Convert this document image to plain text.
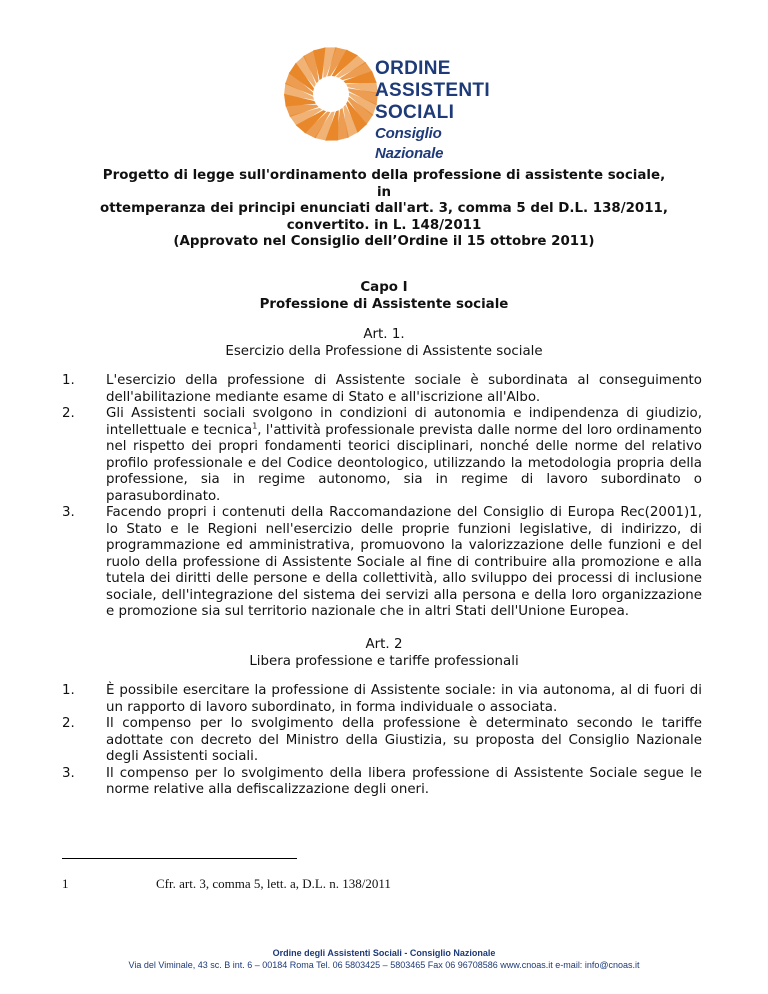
ORDINE
ASSISTENTI
SOCIALI
Consiglio Nazionale
Progetto di legge sull'ordinamento della professione di assistente sociale, in
ottemperanza dei principi enunciati dall'art. 3, comma 5 del D.L. 138/2011,
convertito. in L. 148/2011
(Approvato nel Consiglio dell’Ordine il 15 ottobre 2011)
Capo I
Professione di Assistente sociale
Art. 1.
Esercizio della Professione di Assistente sociale
1. L'esercizio della professione di Assistente sociale è subordinata al conseguimento dell'abilitazione mediante esame di Stato e all'iscrizione all'Albo.
2. Gli Assistenti sociali svolgono in condizioni di autonomia e indipendenza di giudizio, intellettuale e tecnica$^1$, l'attività professionale prevista dalle norme del loro ordinamento nel rispetto dei propri fondamenti teorici disciplinari, nonché delle norme del relativo profilo professionale e del Codice deontologico, utilizzando la metodologia propria della professione, sia in regime autonomo, sia in regime di lavoro subordinato o parasubordinato.
3. Facendo propri i contenuti della Raccomandazione del Consiglio di Europa Rec(2001)1, lo Stato e le Regioni nell'esercizio delle proprie funzioni legislative, di indirizzo, di programmazione ed amministrativa, promuovono la valorizzazione delle funzioni e del ruolo della professione di Assistente Sociale al fine di contribuire alla promozione e alla tutela dei diritti delle persone e della collettività, allo sviluppo dei processi di inclusione sociale, dell'integrazione del sistema dei servizi alla persona e della loro organizzazione e promozione sia sul territorio nazionale che in altri Stati dell'Unione Europea.
Art. 2
Libera professione e tariffe professionali
1. È possibile esercitare la professione di Assistente sociale: in via autonoma, al di fuori di un rapporto di lavoro subordinato, in forma individuale o associata.
2. Il compenso per lo svolgimento della professione è determinato secondo le tariffe adottate con decreto del Ministro della Giustizia, su proposta del Consiglio Nazionale degli Assistenti sociali.
3. Il compenso per lo svolgimento della libera professione di Assistente Sociale segue le norme relative alla defiscalizzazione degli oneri.
1	Cfr. art. 3, comma 5, lett. a, D.L. n. 138/2011
Ordine degli Assistenti Sociali - Consiglio Nazionale
Via del Viminale, 43 sc. B int. 6 – 00184 Roma Tel. 06 5803425 – 5803465 Fax 06 96708586 www.cnoas.it e-mail: info@cnoas.it
